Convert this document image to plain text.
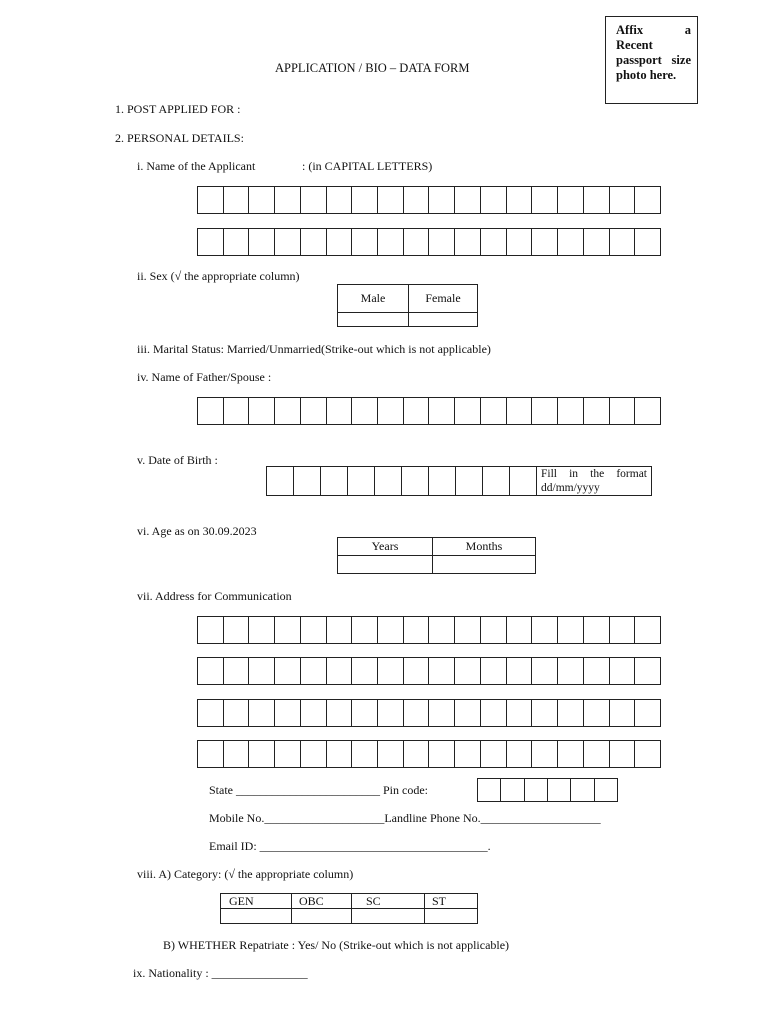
Affix a Recent passport size photo here.
APPLICATION / BIO – DATA FORM
1. POST APPLIED FOR :
2. PERSONAL DETAILS:
i. Name of the Applicant	: (in CAPITAL LETTERS)
ii. Sex (√ the appropriate column)
Male	Female

iii. Marital Status: Married/Unmarried(Strike-out which is not applicable)
iv. Name of Father/Spouse :
v. Date of Birth :
										Fill in the format dd/mm/yyyy
vi. Age as on 30.09.2023
Years	Months

vii. Address for Communication
State ________________________ Pin code:
Mobile No.____________________Landline Phone No.____________________
Email ID: ______________________________________.
viii. A) Category: (√ the appropriate column)
GEN	OBC	SC	ST

B) WHETHER Repatriate : Yes/ No (Strike-out which is not applicable)
ix. Nationality : ________________
